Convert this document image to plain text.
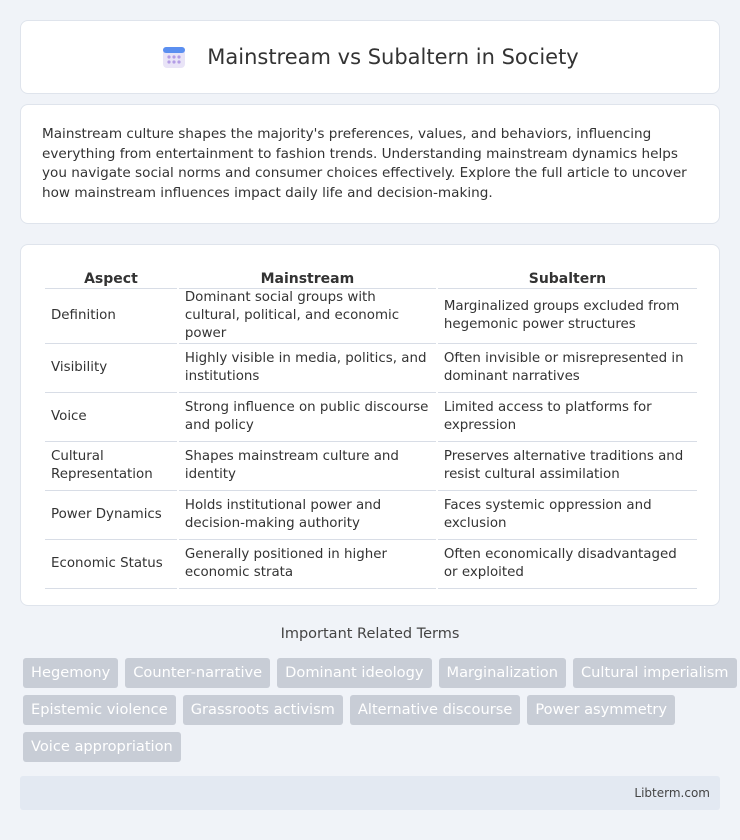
Mainstream vs Subaltern in Society

Mainstream culture shapes the majority's preferences, values, and behaviors, influencing everything from entertainment to fashion trends. Understanding mainstream dynamics helps you navigate social norms and consumer choices effectively. Explore the full article to uncover how mainstream influences impact daily life and decision-making.

Aspect	Mainstream	Subaltern
Definition	Dominant social groups with cultural, political, and economic power	Marginalized groups excluded from hegemonic power structures
Visibility	Highly visible in media, politics, and institutions	Often invisible or misrepresented in dominant narratives
Voice	Strong influence on public discourse and policy	Limited access to platforms for expression
Cultural Representation	Shapes mainstream culture and identity	Preserves alternative traditions and resist cultural assimilation
Power Dynamics	Holds institutional power and decision-making authority	Faces systemic oppression and exclusion
Economic Status	Generally positioned in higher economic strata	Often economically disadvantaged or exploited
Important Related Terms
Hegemony	Counter-narrative	Dominant ideology	Marginalization	Cultural imperialism
Epistemic violence	Grassroots activism	Alternative discourse	Power asymmetry
Voice appropriation
Libterm.com
